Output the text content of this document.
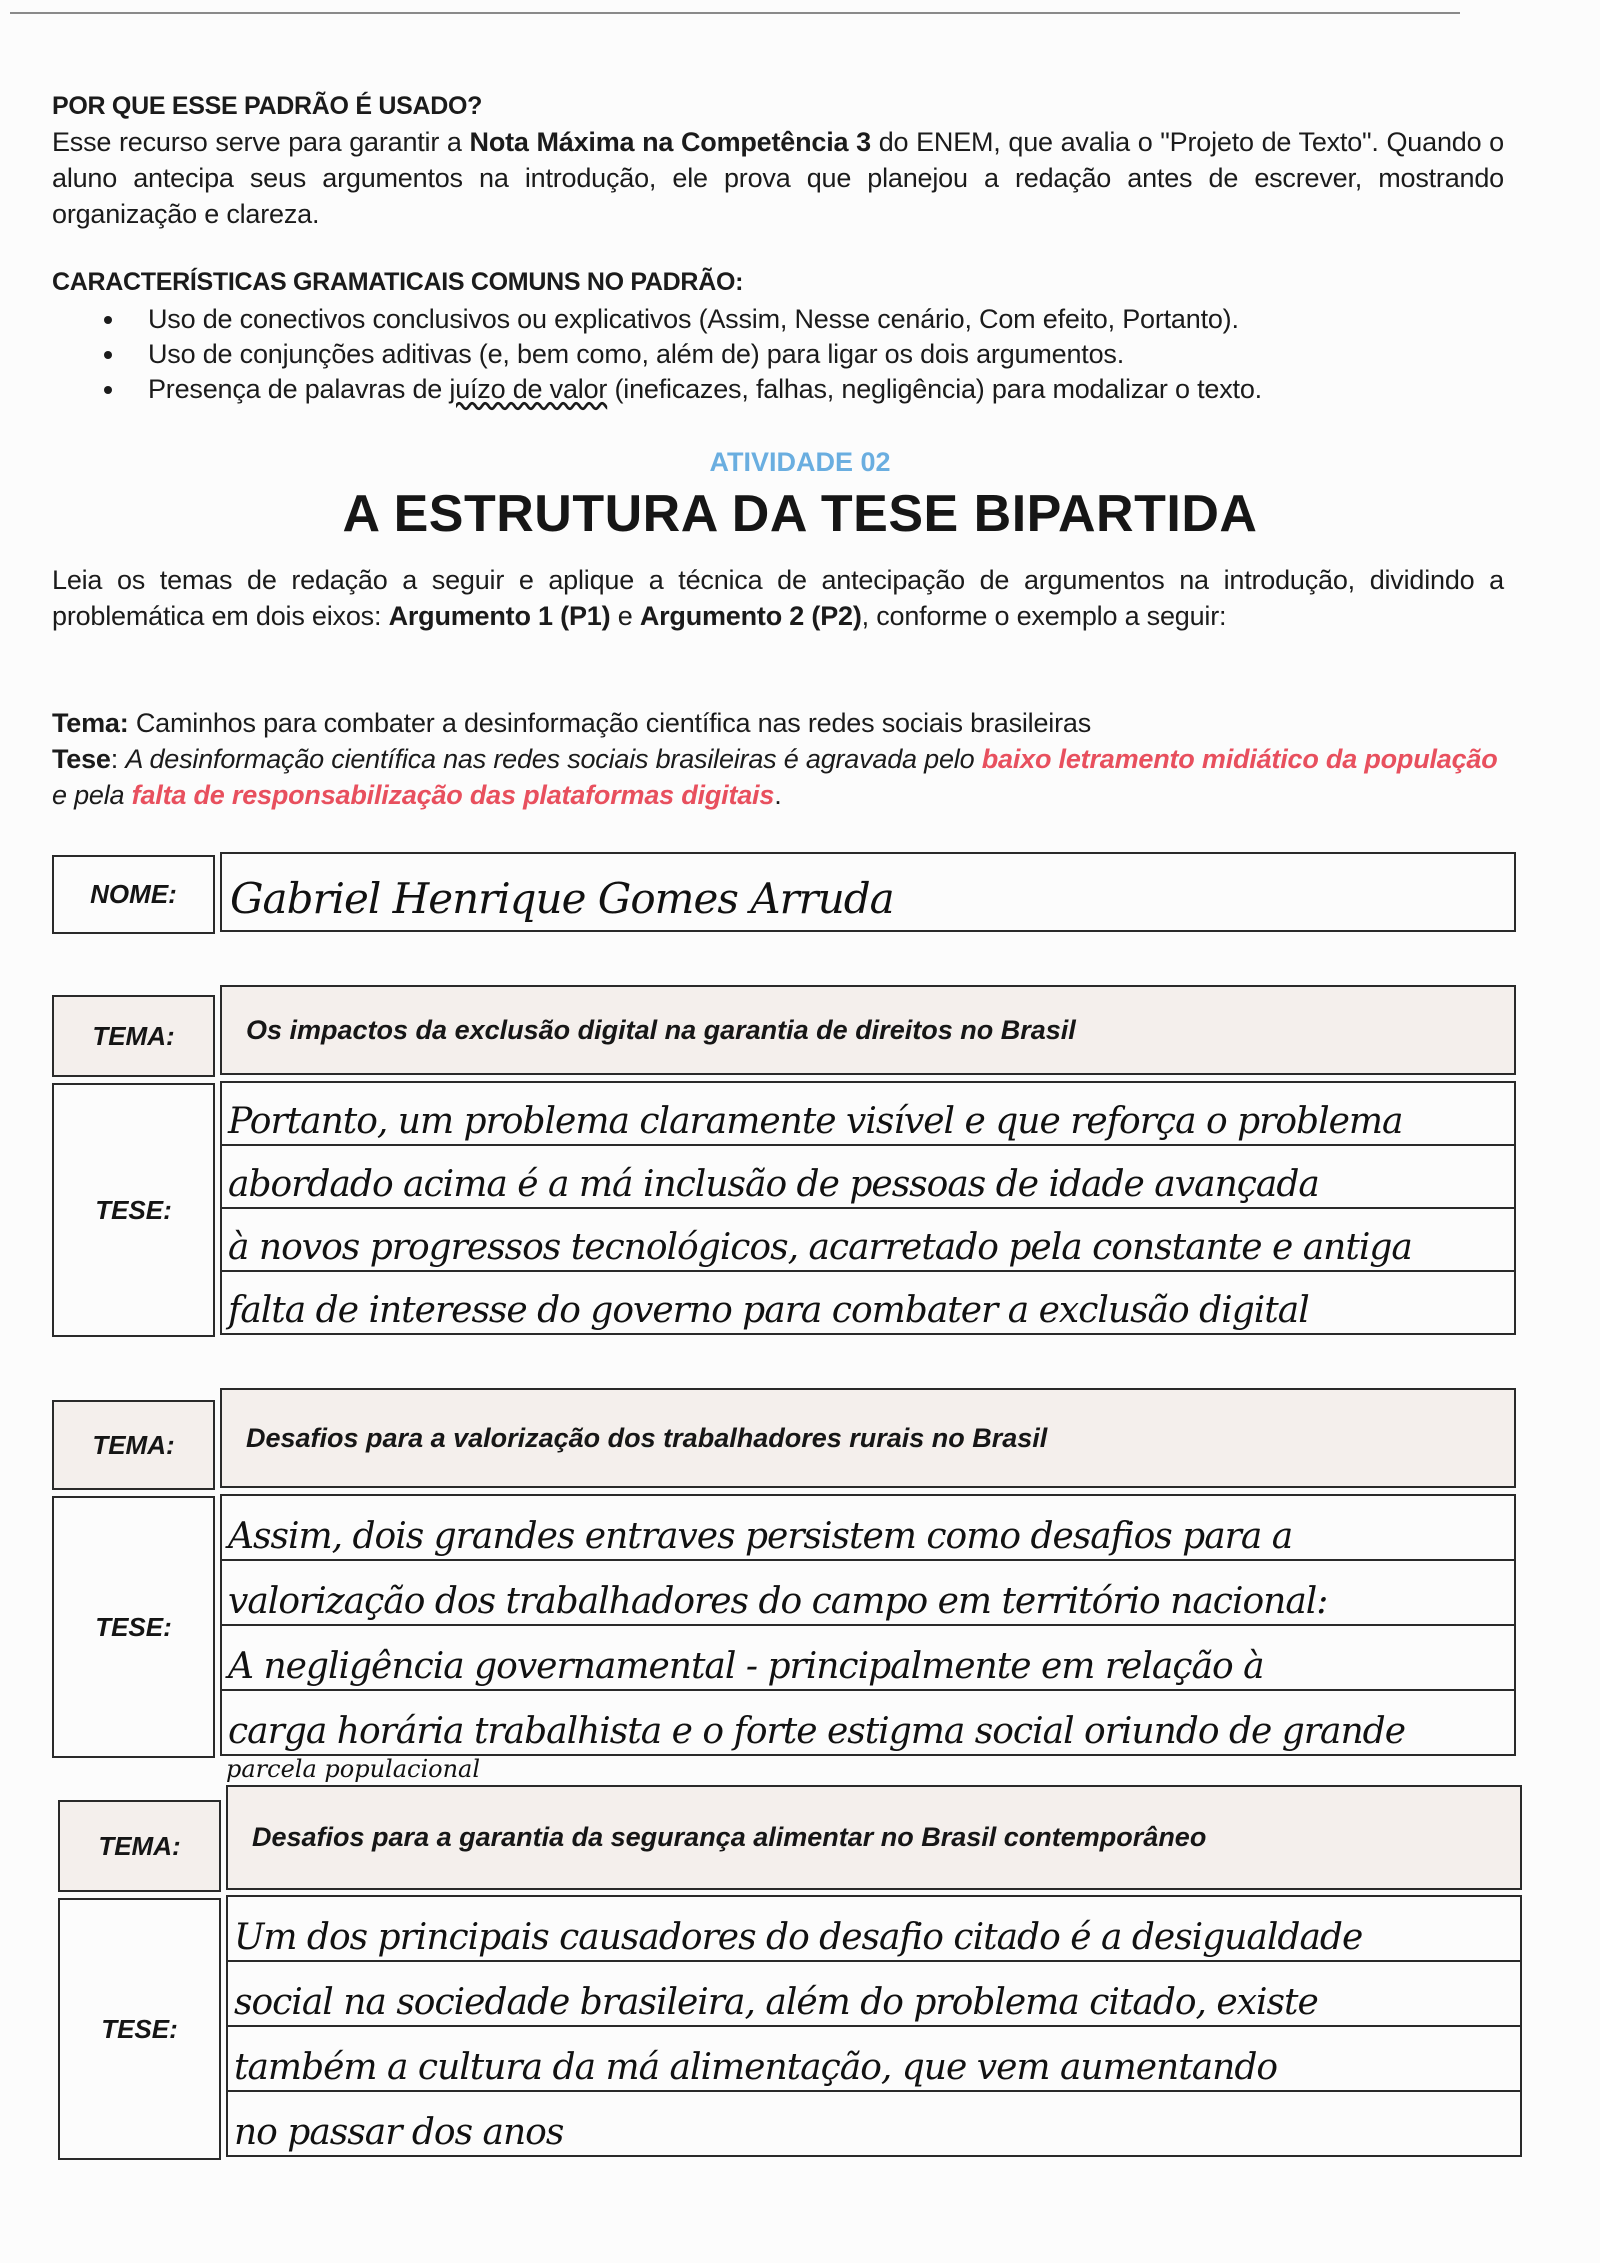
POR QUE ESSE PADRÃO É USADO?
Esse recurso serve para garantir a Nota Máxima na Competência 3 do ENEM, que avalia o "Projeto de Texto". Quando o aluno antecipa seus argumentos na introdução, ele prova que planejou a redação antes de escrever, mostrando organização e clareza.
CARACTERÍSTICAS GRAMATICAIS COMUNS NO PADRÃO:
Uso de conectivos conclusivos ou explicativos (Assim, Nesse cenário, Com efeito, Portanto).
Uso de conjunções aditivas (e, bem como, além de) para ligar os dois argumentos.
Presença de palavras de juízo de valor (ineficazes, falhas, negligência) para modalizar o texto.
ATIVIDADE 02
A ESTRUTURA DA TESE BIPARTIDA
Leia os temas de redação a seguir e aplique a técnica de antecipação de argumentos na introdução, dividindo a problemática em dois eixos: Argumento 1 (P1) e Argumento 2 (P2), conforme o exemplo a seguir:
Tema: Caminhos para combater a desinformação científica nas redes sociais brasileiras
Tese: A desinformação científica nas redes sociais brasileiras é agravada pelo baixo letramento midiático da população e pela falta de responsabilização das plataformas digitais.
NOME:	Gabriel Henrique Gomes Arruda
TEMA:	Os impactos da exclusão digital na garantia de direitos no Brasil
TESE:
Portanto, um problema claramente visível e que reforça o problema
abordado acima é a má inclusão de pessoas de idade avançada
à novos progressos tecnológicos, acarretado pela constante e antiga
falta de interesse do governo para combater a exclusão digital
TEMA:	Desafios para a valorização dos trabalhadores rurais no Brasil
TESE:
Assim, dois grandes entraves persistem como desafios para a
valorização dos trabalhadores do campo em território nacional:
A negligência governamental - principalmente em relação à
carga horária trabalhista e o forte estigma social oriundo de grande
parcela populacional
TEMA:	Desafios para a garantia da segurança alimentar no Brasil contemporâneo
TESE:
Um dos principais causadores do desafio citado é a desigualdade
social na sociedade brasileira, além do problema citado, existe
também a cultura da má alimentação, que vem aumentando
no passar dos anos
